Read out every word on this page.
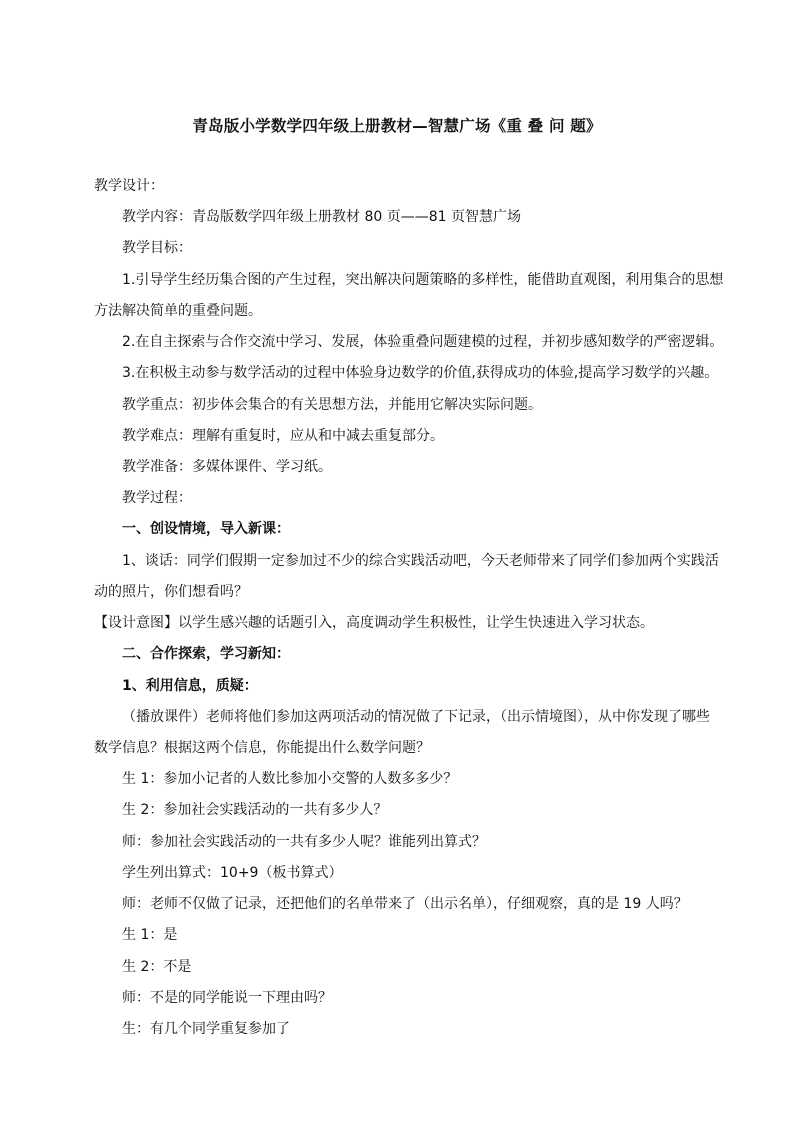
青岛版小学数学四年级上册教材—智慧广场《重 叠 问 题》
教学设计：
教学内容：青岛版数学四年级上册教材 80 页——81 页智慧广场
教学目标：
1.引导学生经历集合图的产生过程，突出解决问题策略的多样性，能借助直观图，利用集合的思想
方法解决简单的重叠问题。
2.在自主探索与合作交流中学习、发展，体验重叠问题建模的过程，并初步感知数学的严密逻辑。
3.在积极主动参与数学活动的过程中体验身边数学的价值,获得成功的体验,提高学习数学的兴趣。
教学重点：初步体会集合的有关思想方法，并能用它解决实际问题。
教学难点：理解有重复时，应从和中减去重复部分。
教学准备：多媒体课件、学习纸。
教学过程：
一、创设情境，导入新课：
1、谈话：同学们假期一定参加过不少的综合实践活动吧，今天老师带来了同学们参加两个实践活
动的照片，你们想看吗？
【设计意图】以学生感兴趣的话题引入，高度调动学生积极性，让学生快速进入学习状态。
二、合作探索，学习新知：
1、利用信息，质疑：
（播放课件）老师将他们参加这两项活动的情况做了下记录，（出示情境图），从中你发现了哪些
数学信息？根据这两个信息，你能提出什么数学问题？
生 1：参加小记者的人数比参加小交警的人数多多少？
生 2：参加社会实践活动的一共有多少人？
师：参加社会实践活动的一共有多少人呢？谁能列出算式？
学生列出算式：10+9（板书算式）
师：老师不仅做了记录，还把他们的名单带来了（出示名单），仔细观察，真的是 19 人吗？
生 1：是
生 2：不是
师：不是的同学能说一下理由吗？
生：有几个同学重复参加了
